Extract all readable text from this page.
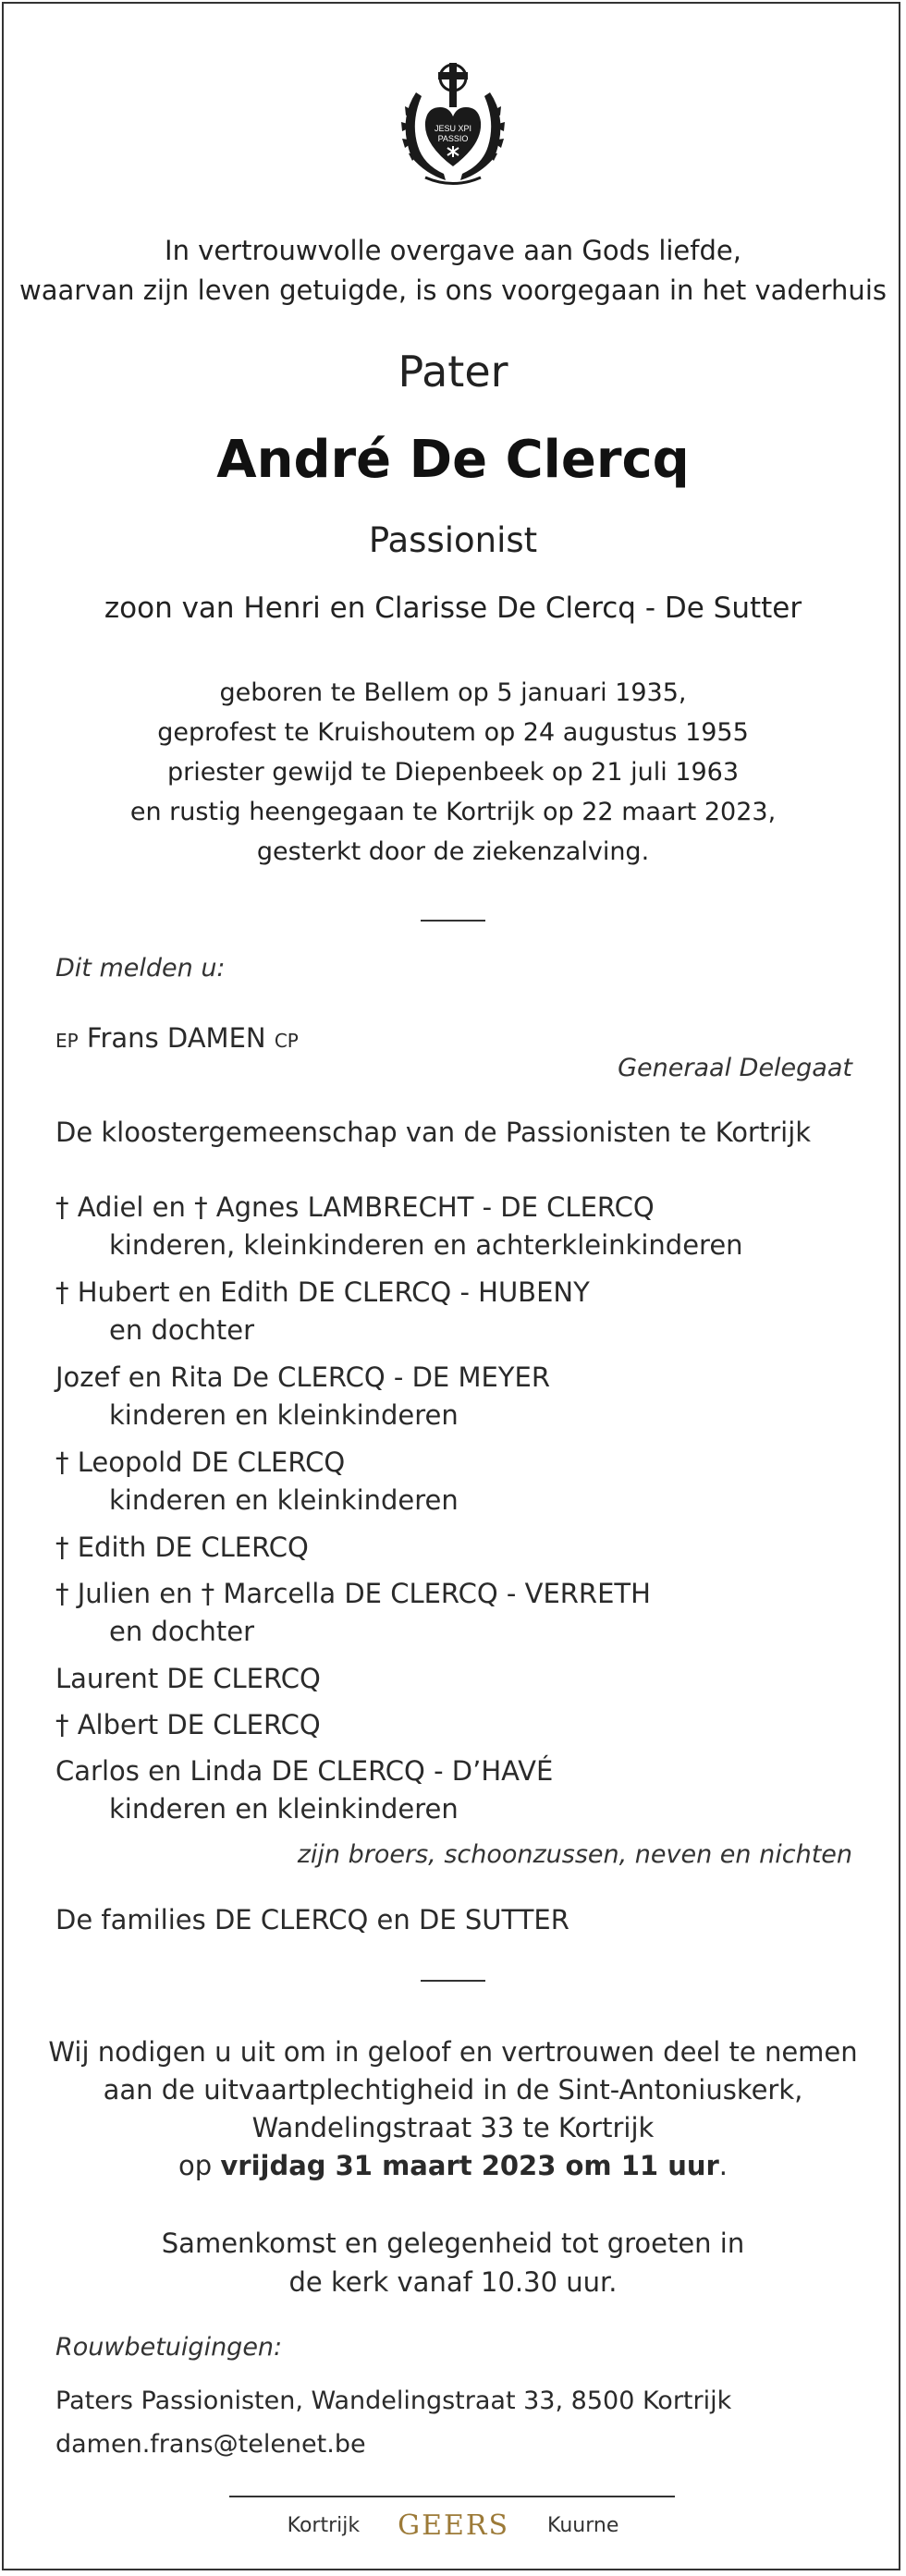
JESU XPI
PASSIO
In vertrouwvolle overgave aan Gods liefde,
waarvan zijn leven getuigde, is ons voorgegaan in het vaderhuis
Pater
André De Clercq
Passionist
zoon van Henri en Clarisse De Clercq - De Sutter
geboren te Bellem op 5 januari 1935,
geprofest te Kruishoutem op 24 augustus 1955
priester gewijd te Diepenbeek op 21 juli 1963
en rustig heengegaan te Kortrijk op 22 maart 2023,
gesterkt door de ziekenzalving.
Dit melden u:
EP Frans DAMEN CP
Generaal Delegaat
De kloostergemeenschap van de Passionisten te Kortrijk
† Adiel en † Agnes LAMBRECHT - DE CLERCQ
kinderen, kleinkinderen en achterkleinkinderen
† Hubert en Edith DE CLERCQ - HUBENY
en dochter
Jozef en Rita De CLERCQ - DE MEYER
kinderen en kleinkinderen
† Leopold DE CLERCQ
kinderen en kleinkinderen
† Edith DE CLERCQ
† Julien en † Marcella DE CLERCQ - VERRETH
en dochter
Laurent DE CLERCQ
† Albert DE CLERCQ
Carlos en Linda DE CLERCQ - D’HAVÉ
kinderen en kleinkinderen
zijn broers, schoonzussen, neven en nichten
De families DE CLERCQ en DE SUTTER
Wij nodigen u uit om in geloof en vertrouwen deel te nemen
aan de uitvaartplechtigheid in de Sint-Antoniuskerk,
Wandelingstraat 33 te Kortrijk
op vrijdag 31 maart 2023 om 11 uur.
Samenkomst en gelegenheid tot groeten in
de kerk vanaf 10.30 uur.
Rouwbetuigingen:
Paters Passionisten, Wandelingstraat 33, 8500 Kortrijk
damen.frans@telenet.be
Kortrijk GEERS Kuurne
